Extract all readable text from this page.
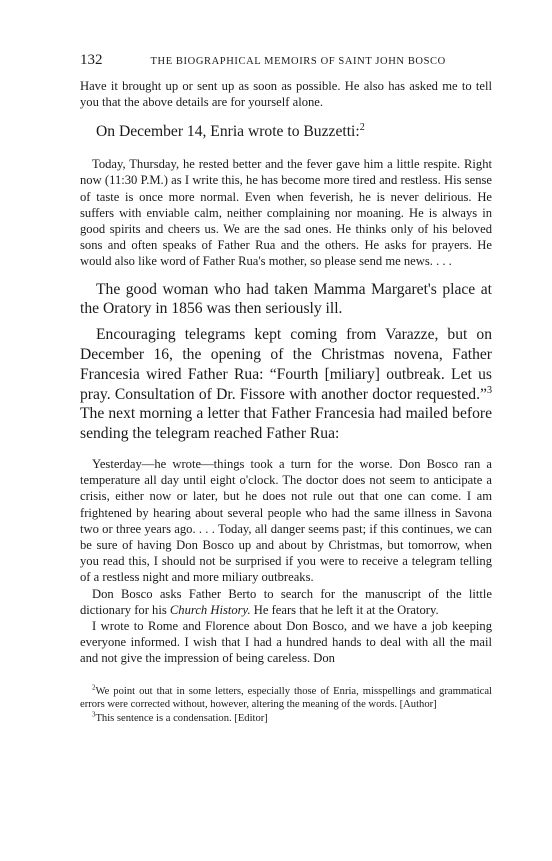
132	THE BIOGRAPHICAL MEMOIRS OF SAINT JOHN BOSCO

Have it brought up or sent up as soon as possible. He also has asked me to tell you that the above details are for yourself alone.

On December 14, Enria wrote to Buzzetti:$^2$

Today, Thursday, he rested better and the fever gave him a little respite. Right now (11:30 P.M.) as I write this, he has become more tired and restless. His sense of taste is once more normal. Even when feverish, he is never delirious. He suffers with enviable calm, neither complaining nor moaning. He is always in good spirits and cheers us. We are the sad ones. He thinks only of his beloved sons and often speaks of Father Rua and the others. He asks for prayers. He would also like word of Father Rua's mother, so please send me news. . . .

The good woman who had taken Mamma Margaret's place at the Oratory in 1856 was then seriously ill.

Encouraging telegrams kept coming from Varazze, but on December 16, the opening of the Christmas novena, Father Francesia wired Father Rua: “Fourth [miliary] outbreak. Let us pray. Consultation of Dr. Fissore with another doctor requested.”$^3$ The next morning a letter that Father Francesia had mailed before sending the telegram reached Father Rua:

Yesterday—he wrote—things took a turn for the worse. Don Bosco ran a temperature all day until eight o'clock. The doctor does not seem to anticipate a crisis, either now or later, but he does not rule out that one can come. I am frightened by hearing about several people who had the same illness in Savona two or three years ago. . . . Today, all danger seems past; if this continues, we can be sure of having Don Bosco up and about by Christmas, but tomorrow, when you read this, I should not be surprised if you were to receive a telegram telling of a restless night and more miliary outbreaks.

Don Bosco asks Father Berto to search for the manuscript of the little dictionary for his Church History. He fears that he left it at the Oratory.

I wrote to Rome and Florence about Don Bosco, and we have a job keeping everyone informed. I wish that I had a hundred hands to deal with all the mail and not give the impression of being careless. Don

$^2$We point out that in some letters, especially those of Enria, misspellings and grammatical errors were corrected without, however, altering the meaning of the words. [Author]

$^3$This sentence is a condensation. [Editor]
